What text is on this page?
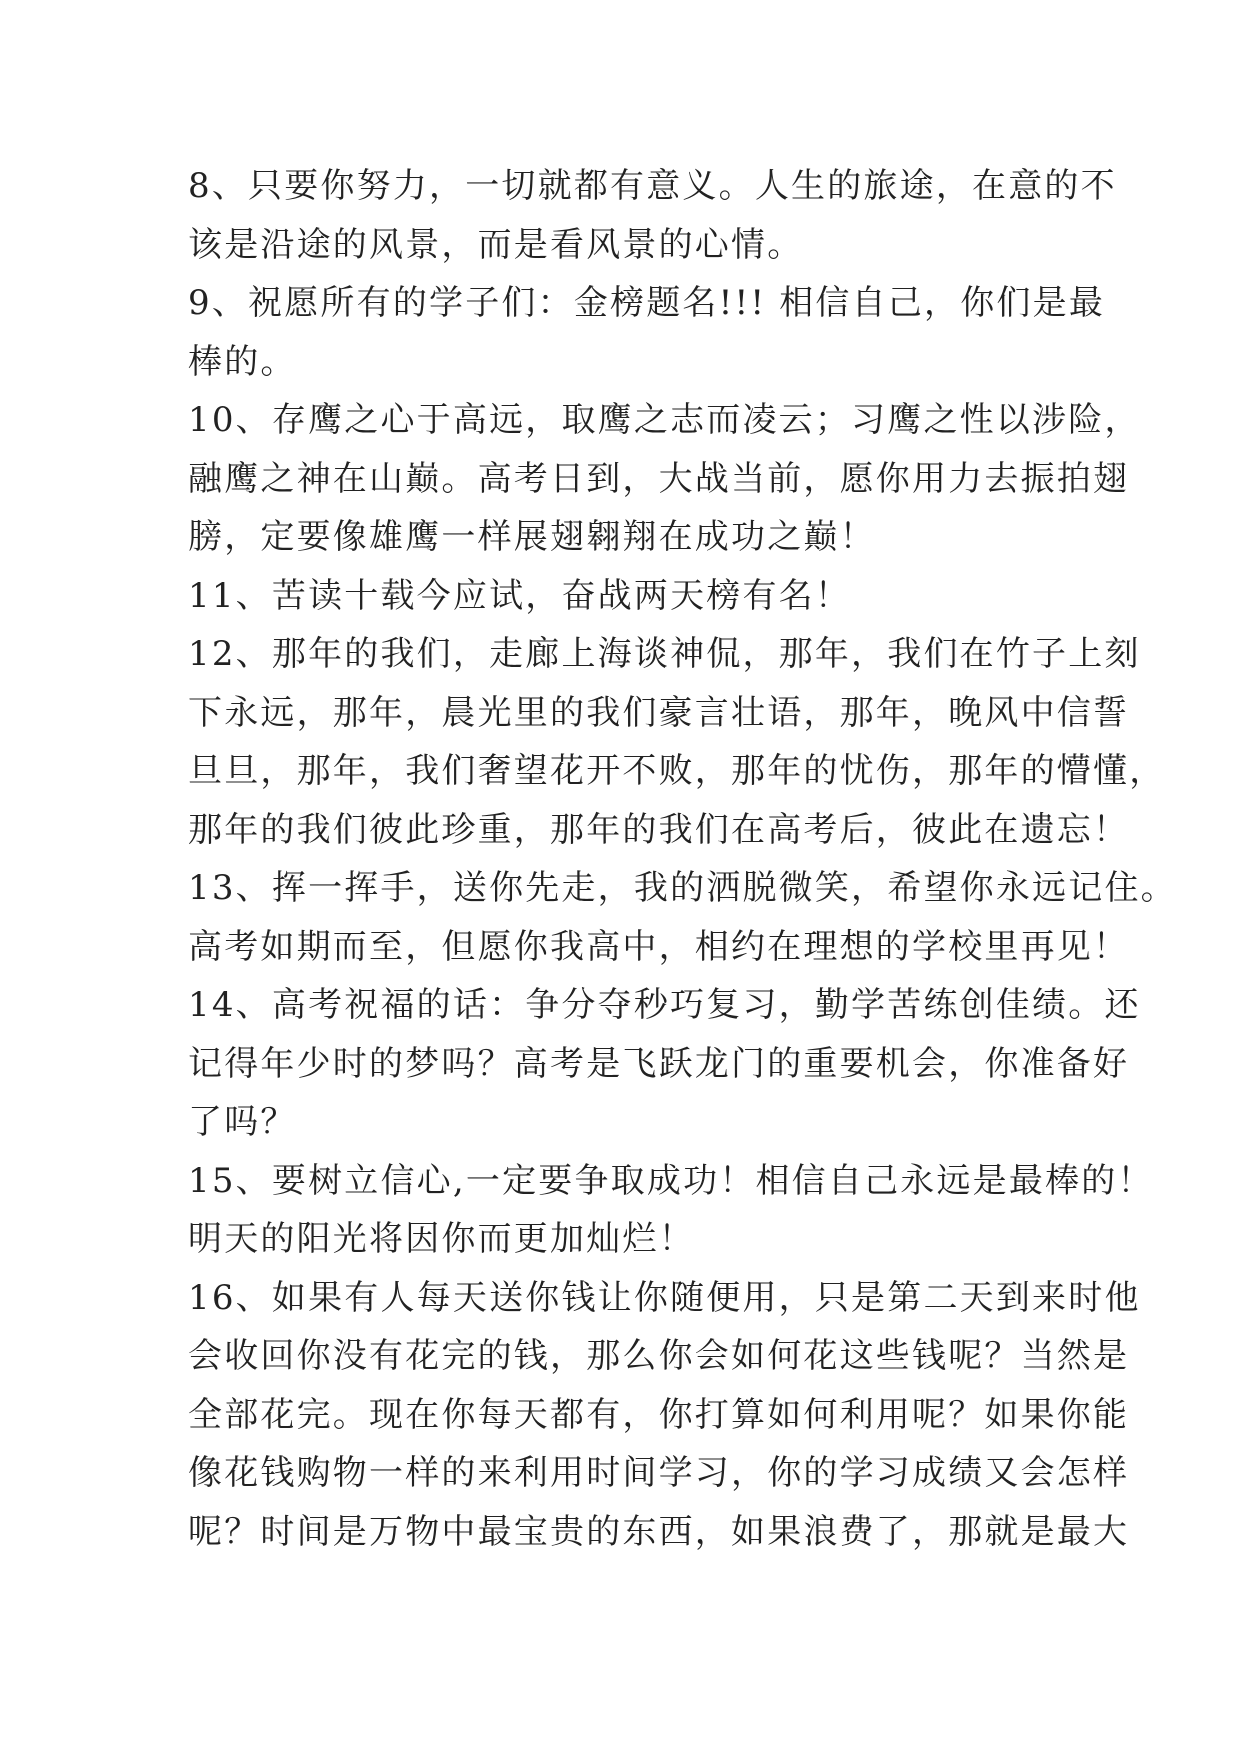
8、只要你努力，一切就都有意义。人生的旅途，在意的不
该是沿途的风景，而是看风景的心情。
9、祝愿所有的学子们：金榜题名!!! 相信自己，你们是最
棒的。
10、存鹰之心于高远，取鹰之志而凌云；习鹰之性以涉险，
融鹰之神在山巅。高考日到，大战当前，愿你用力去振拍翅
膀，定要像雄鹰一样展翅翱翔在成功之巅！
11、苦读十载今应试，奋战两天榜有名！
12、那年的我们，走廊上海谈神侃，那年，我们在竹子上刻
下永远，那年，晨光里的我们豪言壮语，那年，晚风中信誓
旦旦，那年，我们奢望花开不败，那年的忧伤，那年的懵懂，
那年的我们彼此珍重，那年的我们在高考后，彼此在遗忘！
13、挥一挥手，送你先走，我的洒脱微笑，希望你永远记住。
高考如期而至，但愿你我高中，相约在理想的学校里再见！
14、高考祝福的话：争分夺秒巧复习，勤学苦练创佳绩。还
记得年少时的梦吗？高考是飞跃龙门的重要机会，你准备好
了吗？
15、要树立信心,一定要争取成功！相信自己永远是最棒的！
明天的阳光将因你而更加灿烂！
16、如果有人每天送你钱让你随便用，只是第二天到来时他
会收回你没有花完的钱，那么你会如何花这些钱呢？当然是
全部花完。现在你每天都有，你打算如何利用呢？如果你能
像花钱购物一样的来利用时间学习，你的学习成绩又会怎样
呢？时间是万物中最宝贵的东西，如果浪费了，那就是最大
